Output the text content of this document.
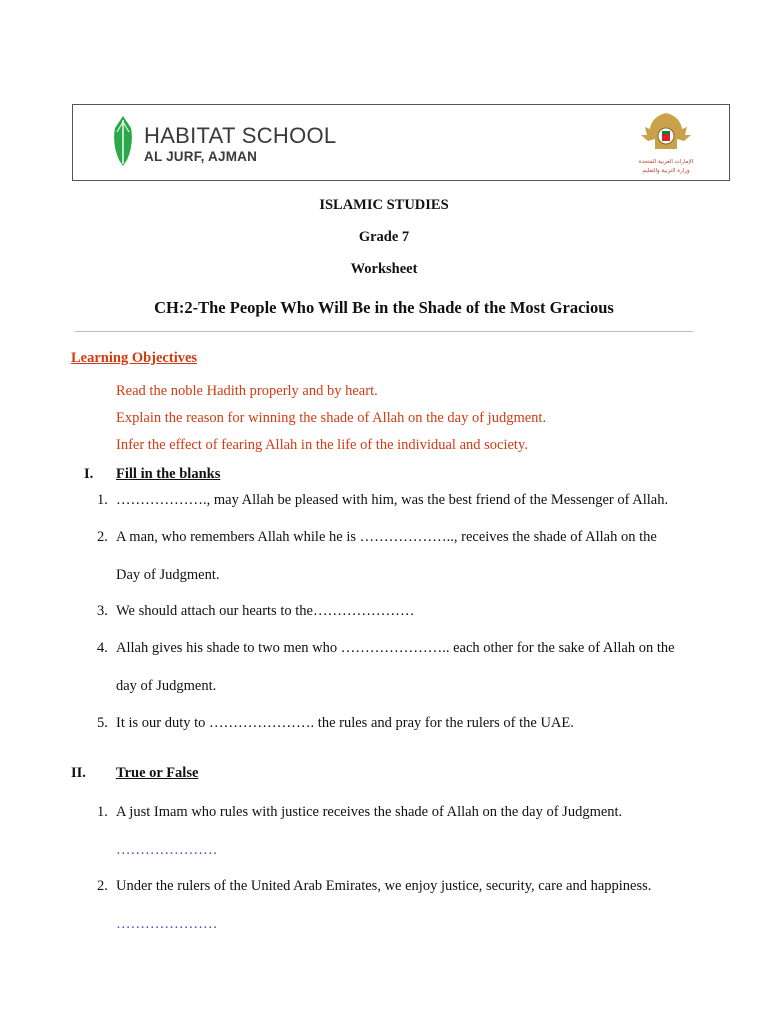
HABITAT SCHOOL
AL JURF, AJMAN	الإمارات العربية المتحدة
وزارة التربية والتعليم
ISLAMIC STUDIES
Grade 7
Worksheet
CH:2-The People Who Will Be in the Shade of the Most Gracious
Learning Objectives
Read the noble Hadith properly and by heart.
Explain the reason for winning the shade of Allah on the day of judgment.
Infer the effect of fearing Allah in the life of the individual and society.
I. Fill in the blanks
1. ………………., may Allah be pleased with him, was the best friend of the Messenger of Allah.
2. A man, who remembers Allah while he is ……………….., receives the shade of Allah on the
Day of Judgment.
3. We should attach our hearts to the…………………
4. Allah gives his shade to two men who ………………….. each other for the sake of Allah on the
day of Judgment.
5. It is our duty to …………………. the rules and pray for the rulers of the UAE.
II. True or False
1. A just Imam who rules with justice receives the shade of Allah on the day of Judgment.
…………………
2. Under the rulers of the United Arab Emirates, we enjoy justice, security, care and happiness.
…………………
